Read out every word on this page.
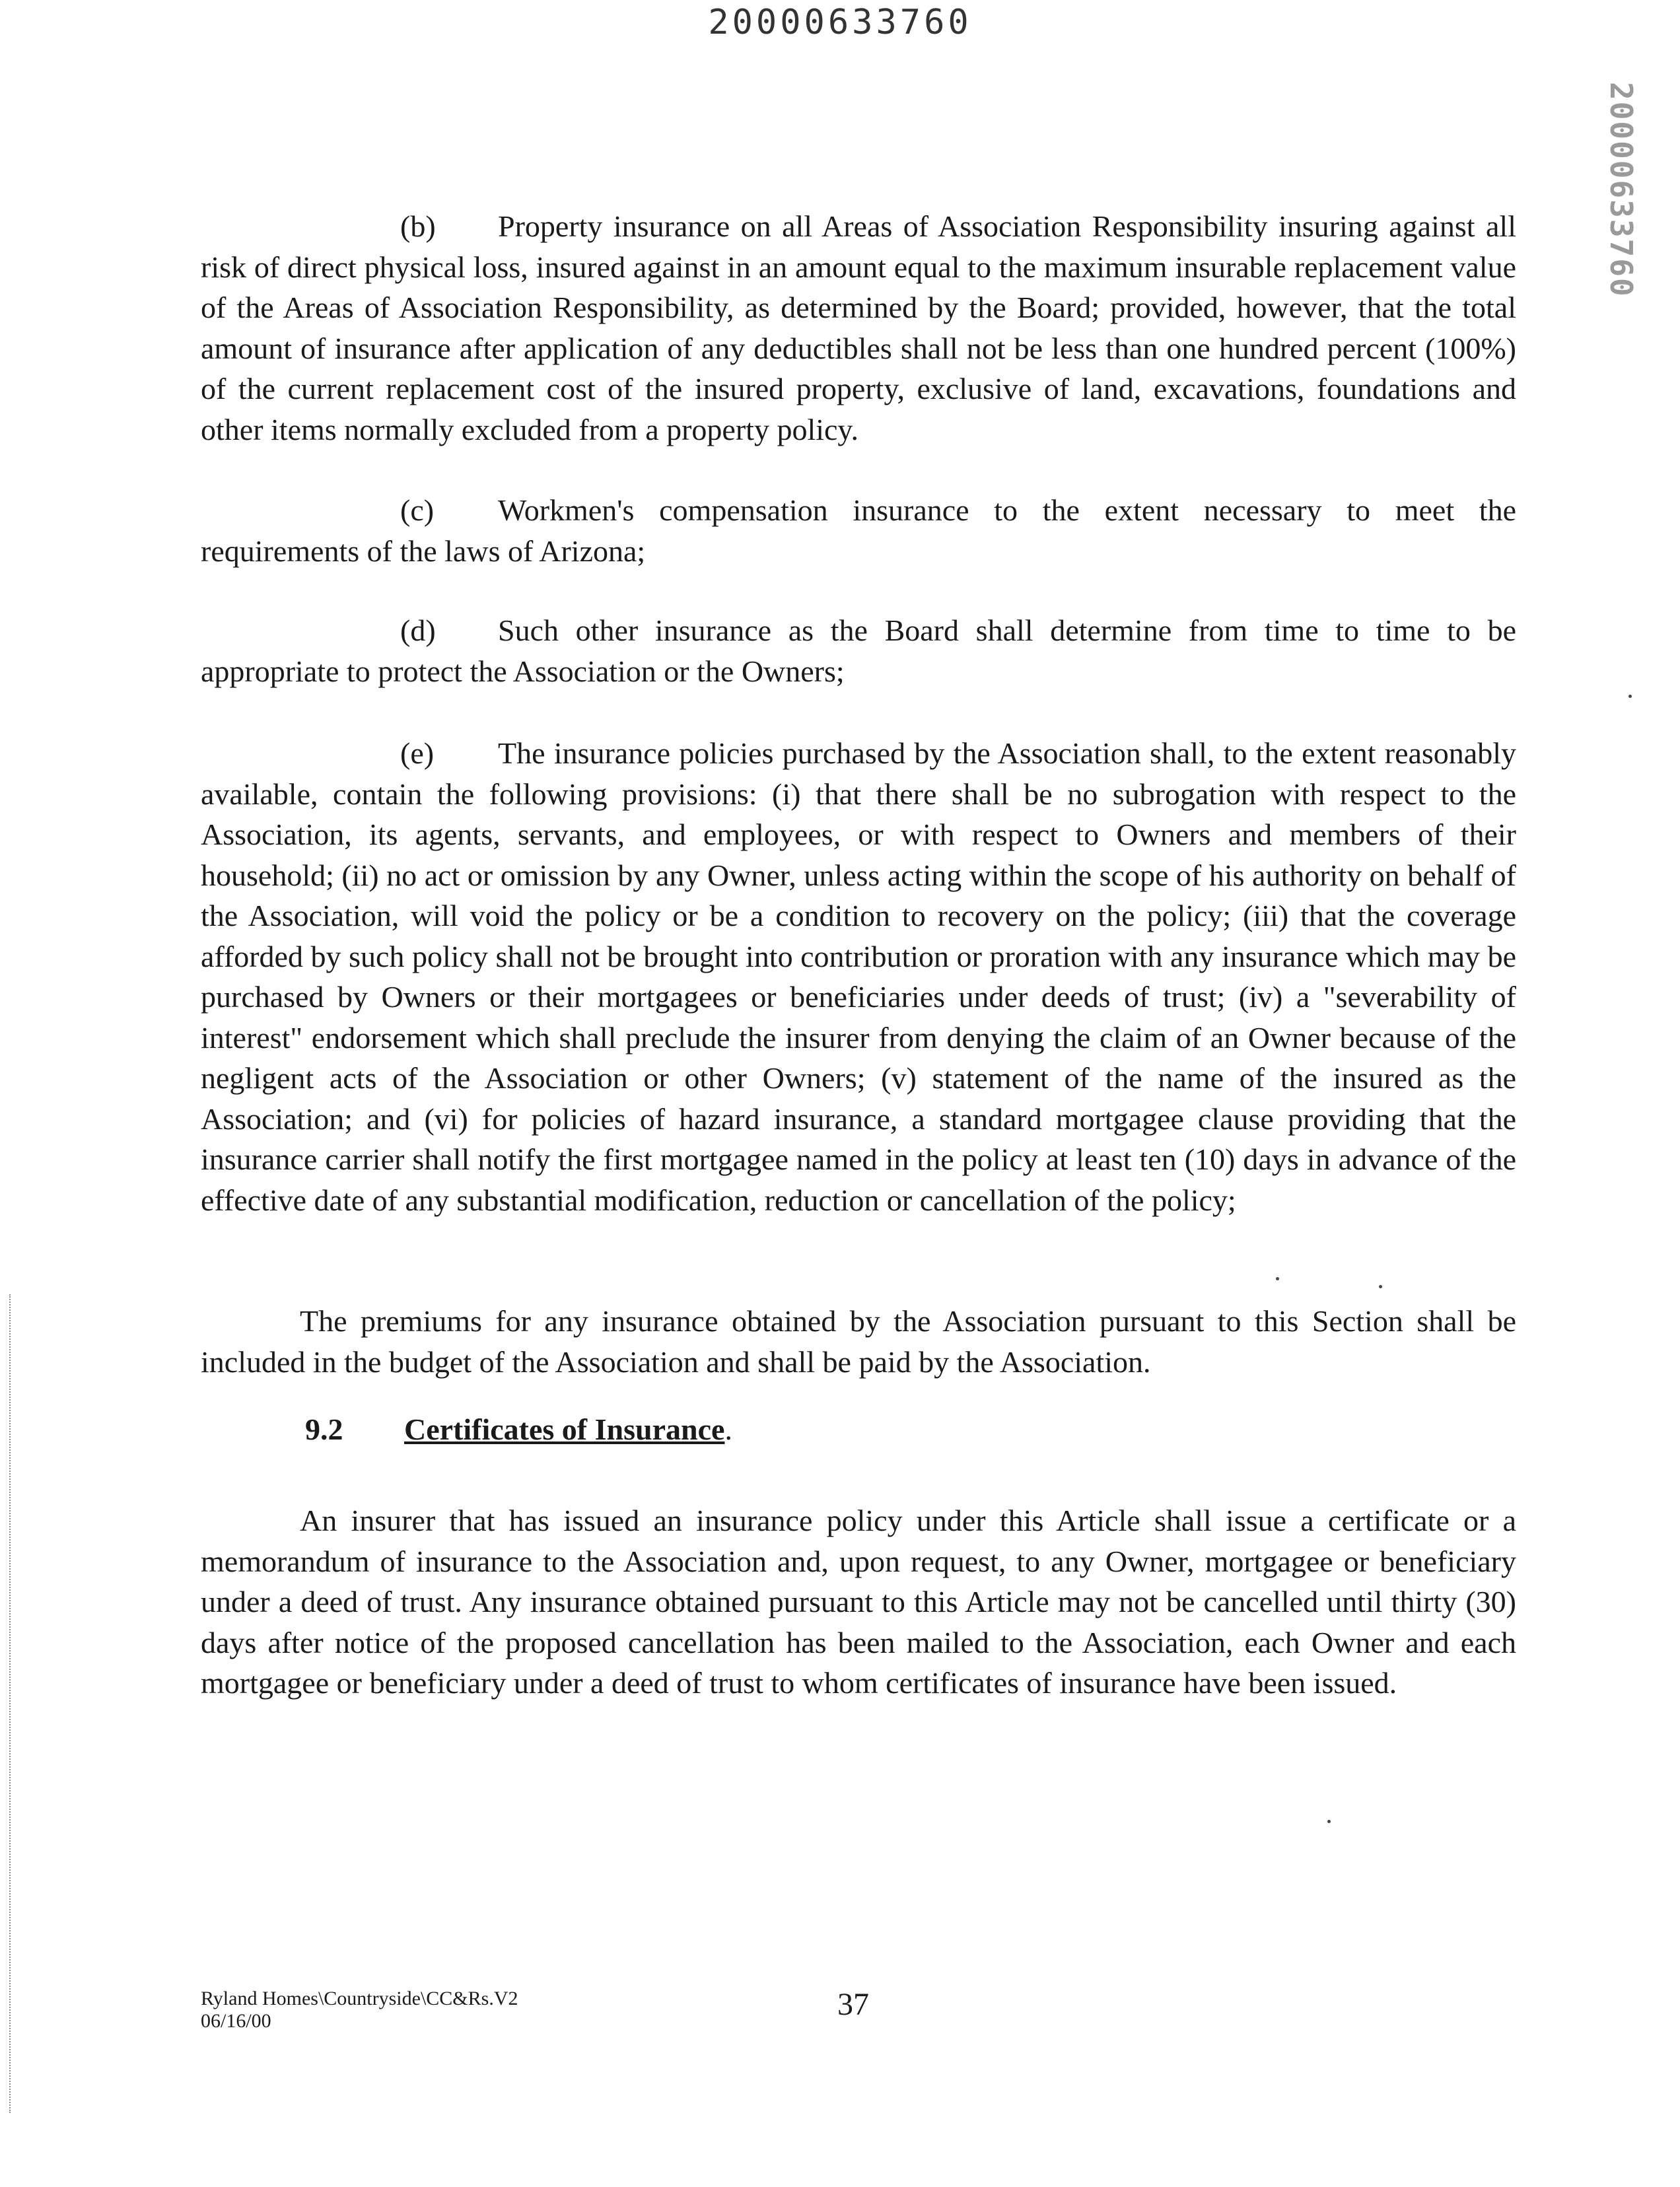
20000633760
20000633760

(b) Property insurance on all Areas of Association Responsibility insuring against all risk of direct physical loss, insured against in an amount equal to the maximum insurable replacement value of the Areas of Association Responsibility, as determined by the Board; provided, however, that the total amount of insurance after application of any deductibles shall not be less than one hundred percent (100%) of the current replacement cost of the insured property, exclusive of land, excavations, foundations and other items normally excluded from a property policy.

(c) Workmen's compensation insurance to the extent necessary to meet the requirements of the laws of Arizona;

(d) Such other insurance as the Board shall determine from time to time to be appropriate to protect the Association or the Owners;

(e) The insurance policies purchased by the Association shall, to the extent reasonably available, contain the following provisions: (i) that there shall be no subrogation with respect to the Association, its agents, servants, and employees, or with respect to Owners and members of their household; (ii) no act or omission by any Owner, unless acting within the scope of his authority on behalf of the Association, will void the policy or be a condition to recovery on the policy; (iii) that the coverage afforded by such policy shall not be brought into contribution or proration with any insurance which may be purchased by Owners or their mortgagees or beneficiaries under deeds of trust; (iv) a "severability of interest" endorsement which shall preclude the insurer from denying the claim of an Owner because of the negligent acts of the Association or other Owners; (v) statement of the name of the insured as the Association; and (vi) for policies of hazard insurance, a standard mortgagee clause providing that the insurance carrier shall notify the first mortgagee named in the policy at least ten (10) days in advance of the effective date of any substantial modification, reduction or cancellation of the policy;

The premiums for any insurance obtained by the Association pursuant to this Section shall be included in the budget of the Association and shall be paid by the Association.

An insurer that has issued an insurance policy under this Article shall issue a certificate or a memorandum of insurance to the Association and, upon request, to any Owner, mortgagee or beneficiary under a deed of trust. Any insurance obtained pursuant to this Article may not be cancelled until thirty (30) days after notice of the proposed cancellation has been mailed to the Association, each Owner and each mortgagee or beneficiary under a deed of trust to whom certificates of insurance have been issued.

9.2 Certificates of Insurance.
Ryland Homes\Countryside\CC&Rs.V2
06/16/00	37
